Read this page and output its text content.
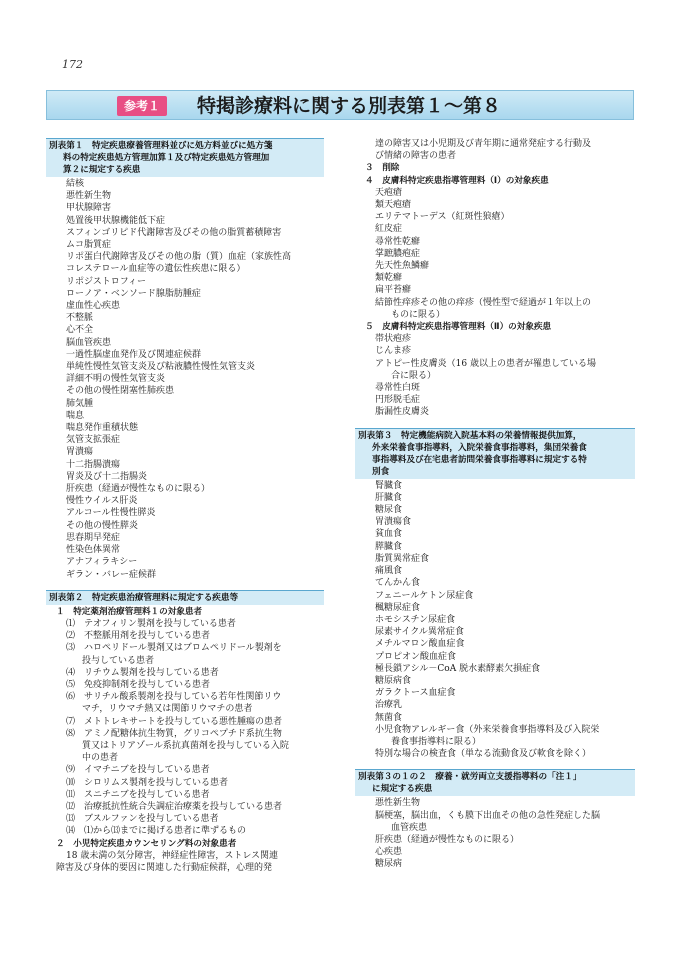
172
参考１	特掲診療料に関する別表第１～第８
別表第１　特定疾患療養管理料並びに処方料並びに処方箋
料の特定疾患処方管理加算１及び特定疾患処方管理加
算２に規定する疾患
結核
悪性新生物
甲状腺障害
処置後甲状腺機能低下症
スフィンゴリピド代謝障害及びその他の脂質蓄積障害
ムコ脂質症
リポ蛋白代謝障害及びその他の脂（質）血症（家族性高
コレステロール血症等の遺伝性疾患に限る）
リポジストロフィー
ローノア・ベンソード腺脂肪腫症
虚血性心疾患
不整脈
心不全
脳血管疾患
一過性脳虚血発作及び関連症候群
単純性慢性気管支炎及び粘液膿性慢性気管支炎
詳細不明の慢性気管支炎
その他の慢性閉塞性肺疾患
肺気腫
喘息
喘息発作重積状態
気管支拡張症
胃潰瘍
十二指腸潰瘍
胃炎及び十二指腸炎
肝疾患（経過が慢性なものに限る）
慢性ウイルス肝炎
アルコール性慢性膵炎
その他の慢性膵炎
思春期早発症
性染色体異常
アナフィラキシー
ギラン・バレー症候群
別表第２　特定疾患治療管理料に規定する疾患等
１　特定薬剤治療管理料１の対象患者
⑴　テオフィリン製剤を投与している患者
⑵　不整脈用剤を投与している患者
⑶　ハロペリドール製剤又はブロムペリドール製剤を
投与している患者
⑷　リチウム製剤を投与している患者
⑸　免疫抑制剤を投与している患者
⑹　サリチル酸系製剤を投与している若年性関節リウ
マチ，リウマチ熱又は関節リウマチの患者
⑺　メトトレキサートを投与している悪性腫瘍の患者
⑻　アミノ配糖体抗生物質，グリコペプチド系抗生物
質又はトリアゾール系抗真菌剤を投与している入院
中の患者
⑼　イマチニブを投与している患者
⑽　シロリムス製剤を投与している患者
⑾　スニチニブを投与している患者
⑿　治療抵抗性統合失調症治療薬を投与している患者
⒀　ブスルファンを投与している患者
⒁　⑴から⒀までに掲げる患者に準ずるもの
２　小児特定疾患カウンセリング料の対象患者
18 歳未満の気分障害，神経症性障害，ストレス関連
障害及び身体的要因に関連した行動症候群，心理的発
達の障害又は小児期及び青年期に通常発症する行動及
び情緒の障害の患者
３　削除
４　皮膚科特定疾患指導管理料（Ⅰ）の対象疾患
天疱瘡
類天疱瘡
エリテマトーデス（紅斑性狼瘡）
紅皮症
尋常性乾癬
掌蹠膿疱症
先天性魚鱗癬
類乾癬
扁平苔癬
結節性痒疹その他の痒疹（慢性型で経過が１年以上の
ものに限る）
５　皮膚科特定疾患指導管理料（Ⅱ）の対象疾患
帯状疱疹
じんま疹
アトピー性皮膚炎（16 歳以上の患者が罹患している場
合に限る）
尋常性白斑
円形脱毛症
脂漏性皮膚炎
別表第３　特定機能病院入院基本料の栄養情報提供加算，
外来栄養食事指導料，入院栄養食事指導料，集団栄養食
事指導料及び在宅患者訪問栄養食事指導料に規定する特
別食
腎臓食
肝臓食
糖尿食
胃潰瘍食
貧血食
膵臓食
脂質異常症食
痛風食
てんかん食
フェニールケトン尿症食
楓糖尿症食
ホモシスチン尿症食
尿素サイクル異常症食
メチルマロン酸血症食
プロピオン酸血症食
極長鎖アシル－CoA 脱水素酵素欠損症食
糖原病食
ガラクトース血症食
治療乳
無菌食
小児食物アレルギー食（外来栄養食事指導料及び入院栄
養食事指導料に限る）
特別な場合の検査食（単なる流動食及び軟食を除く）
別表第３の１の２　療養・就労両立支援指導料の「注１」
に規定する疾患
悪性新生物
脳梗塞，脳出血，くも膜下出血その他の急性発症した脳
血管疾患
肝疾患（経過が慢性なものに限る）
心疾患
糖尿病
